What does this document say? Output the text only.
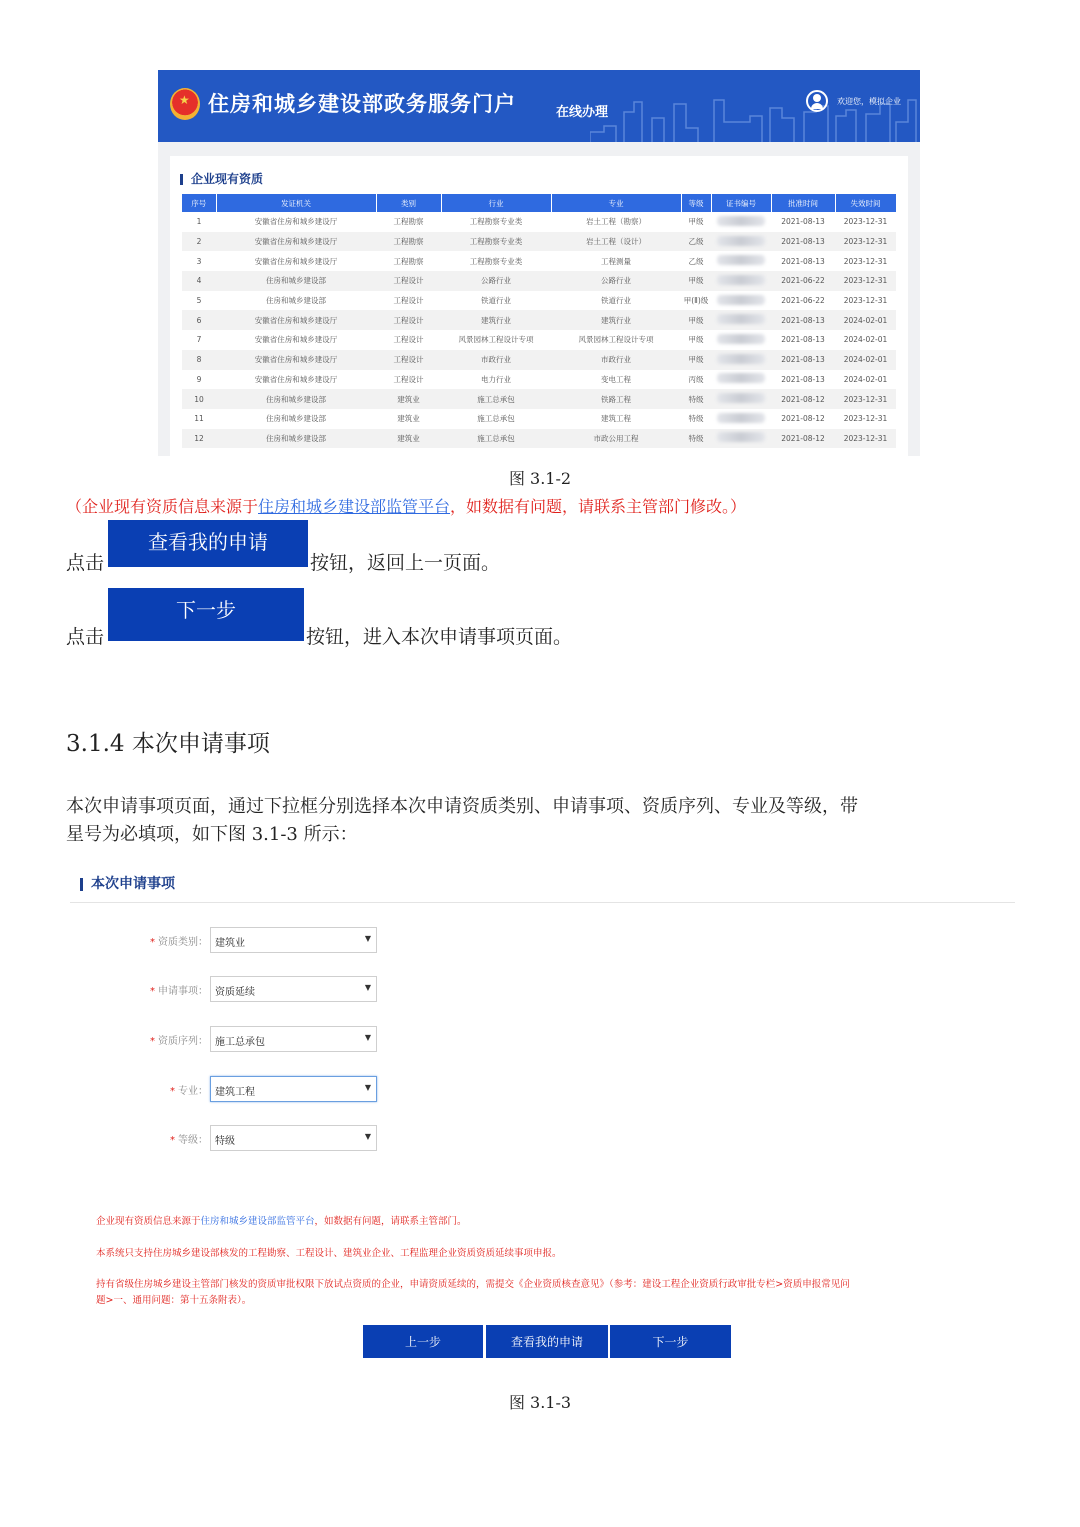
★
住房和城乡建设部政务服务门户	在线办理
欢迎您，模拟企业
企业现有资质
序号	发证机关	类别	行业	专业	等级	证书编号	批准时间	失效时间
1	安徽省住房和城乡建设厅	工程勘察	工程勘察专业类	岩土工程（勘察）	甲级		2021-08-13	2023-12-31
2	安徽省住房和城乡建设厅	工程勘察	工程勘察专业类	岩土工程（设计）	乙级		2021-08-13	2023-12-31
3	安徽省住房和城乡建设厅	工程勘察	工程勘察专业类	工程测量	乙级		2021-08-13	2023-12-31
4	住房和城乡建设部	工程设计	公路行业	公路行业	甲级		2021-06-22	2023-12-31
5	住房和城乡建设部	工程设计	铁道行业	铁道行业	甲(Ⅱ)级		2021-06-22	2023-12-31
6	安徽省住房和城乡建设厅	工程设计	建筑行业	建筑行业	甲级		2021-08-13	2024-02-01
7	安徽省住房和城乡建设厅	工程设计	风景园林工程设计专项	风景园林工程设计专项	甲级		2021-08-13	2024-02-01
8	安徽省住房和城乡建设厅	工程设计	市政行业	市政行业	甲级		2021-08-13	2024-02-01
9	安徽省住房和城乡建设厅	工程设计	电力行业	变电工程	丙级		2021-08-13	2024-02-01
10	住房和城乡建设部	建筑业	施工总承包	铁路工程	特级		2021-08-12	2023-12-31
11	住房和城乡建设部	建筑业	施工总承包	建筑工程	特级		2021-08-12	2023-12-31
12	住房和城乡建设部	建筑业	施工总承包	市政公用工程	特级		2021-08-12	2023-12-31
图 3.1-2
（企业现有资质信息来源于住房和城乡建设部监管平台，如数据有问题，请联系主管部门修改。）
点击
查看我的申请
按钮，返回上一页面。
点击
下一步
按钮，进入本次申请事项页面。
3.1.4 本次申请事项
本次申请事项页面，通过下拉框分别选择本次申请资质类别、申请事项、资质序列、专业及等级，带
星号为必填项，如下图 3.1-3 所示：
本次申请事项
* 资质类别： 建筑业	▼
* 申请事项： 资质延续	▼
* 资质序列： 施工总承包	▼
* 专业： 建筑工程	▼
* 等级： 特级	▼
企业现有资质信息来源于住房和城乡建设部监管平台，如数据有问题，请联系主管部门。
本系统只支持住房城乡建设部核发的工程勘察、工程设计、建筑业企业、工程监理企业资质资质延续事项申报。
持有省级住房城乡建设主管部门核发的资质审批权限下放试点资质的企业，申请资质延续的，需提交《企业资质核查意见》（参考：建设工程企业资质行政审批专栏>资质申报常见问
题>一、通用问题：第十五条附表）。
上一步	查看我的申请	下一步
图 3.1-3
